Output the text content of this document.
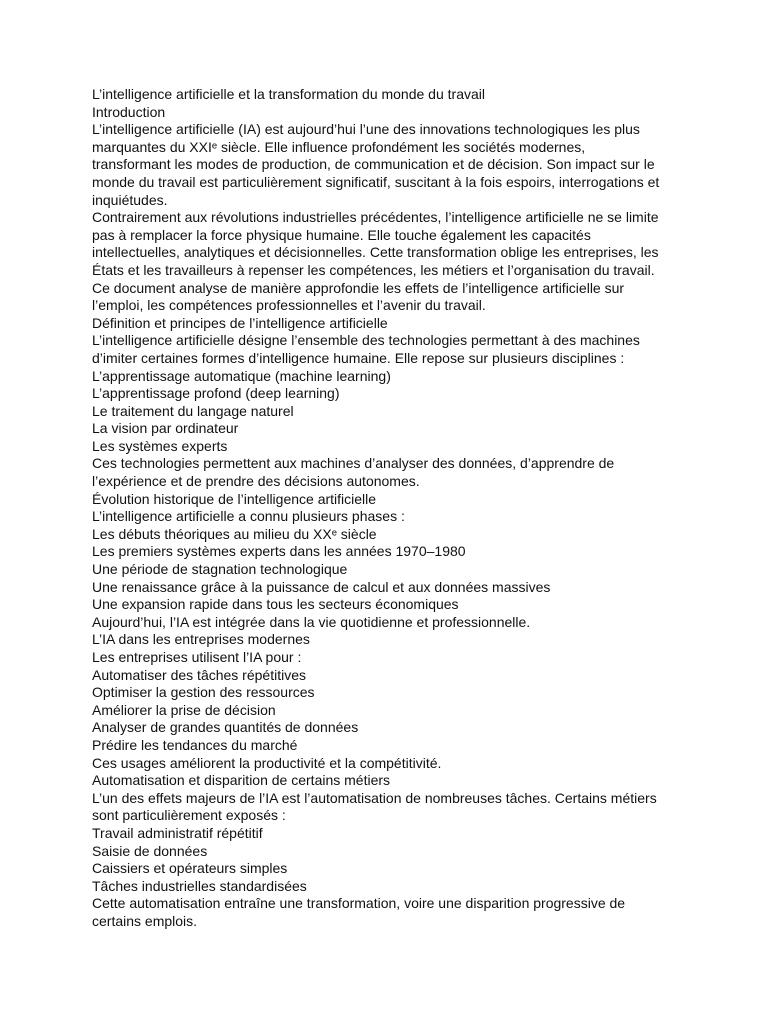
L’intelligence artificielle et la transformation du monde du travail
Introduction
L’intelligence artificielle (IA) est aujourd’hui l’une des innovations technologiques les plus
marquantes du XXIᵉ siècle. Elle influence profondément les sociétés modernes,
transformant les modes de production, de communication et de décision. Son impact sur le
monde du travail est particulièrement significatif, suscitant à la fois espoirs, interrogations et
inquiétudes.
Contrairement aux révolutions industrielles précédentes, l’intelligence artificielle ne se limite
pas à remplacer la force physique humaine. Elle touche également les capacités
intellectuelles, analytiques et décisionnelles. Cette transformation oblige les entreprises, les
États et les travailleurs à repenser les compétences, les métiers et l’organisation du travail.
Ce document analyse de manière approfondie les effets de l’intelligence artificielle sur
l’emploi, les compétences professionnelles et l’avenir du travail.
Définition et principes de l’intelligence artificielle
L’intelligence artificielle désigne l’ensemble des technologies permettant à des machines
d’imiter certaines formes d’intelligence humaine. Elle repose sur plusieurs disciplines :
L’apprentissage automatique (machine learning)
L’apprentissage profond (deep learning)
Le traitement du langage naturel
La vision par ordinateur
Les systèmes experts
Ces technologies permettent aux machines d’analyser des données, d’apprendre de
l’expérience et de prendre des décisions autonomes.
Évolution historique de l’intelligence artificielle
L’intelligence artificielle a connu plusieurs phases :
Les débuts théoriques au milieu du XXᵉ siècle
Les premiers systèmes experts dans les années 1970–1980
Une période de stagnation technologique
Une renaissance grâce à la puissance de calcul et aux données massives
Une expansion rapide dans tous les secteurs économiques
Aujourd’hui, l’IA est intégrée dans la vie quotidienne et professionnelle.
L’IA dans les entreprises modernes
Les entreprises utilisent l’IA pour :
Automatiser des tâches répétitives
Optimiser la gestion des ressources
Améliorer la prise de décision
Analyser de grandes quantités de données
Prédire les tendances du marché
Ces usages améliorent la productivité et la compétitivité.
Automatisation et disparition de certains métiers
L’un des effets majeurs de l’IA est l’automatisation de nombreuses tâches. Certains métiers
sont particulièrement exposés :
Travail administratif répétitif
Saisie de données
Caissiers et opérateurs simples
Tâches industrielles standardisées
Cette automatisation entraîne une transformation, voire une disparition progressive de
certains emplois.
